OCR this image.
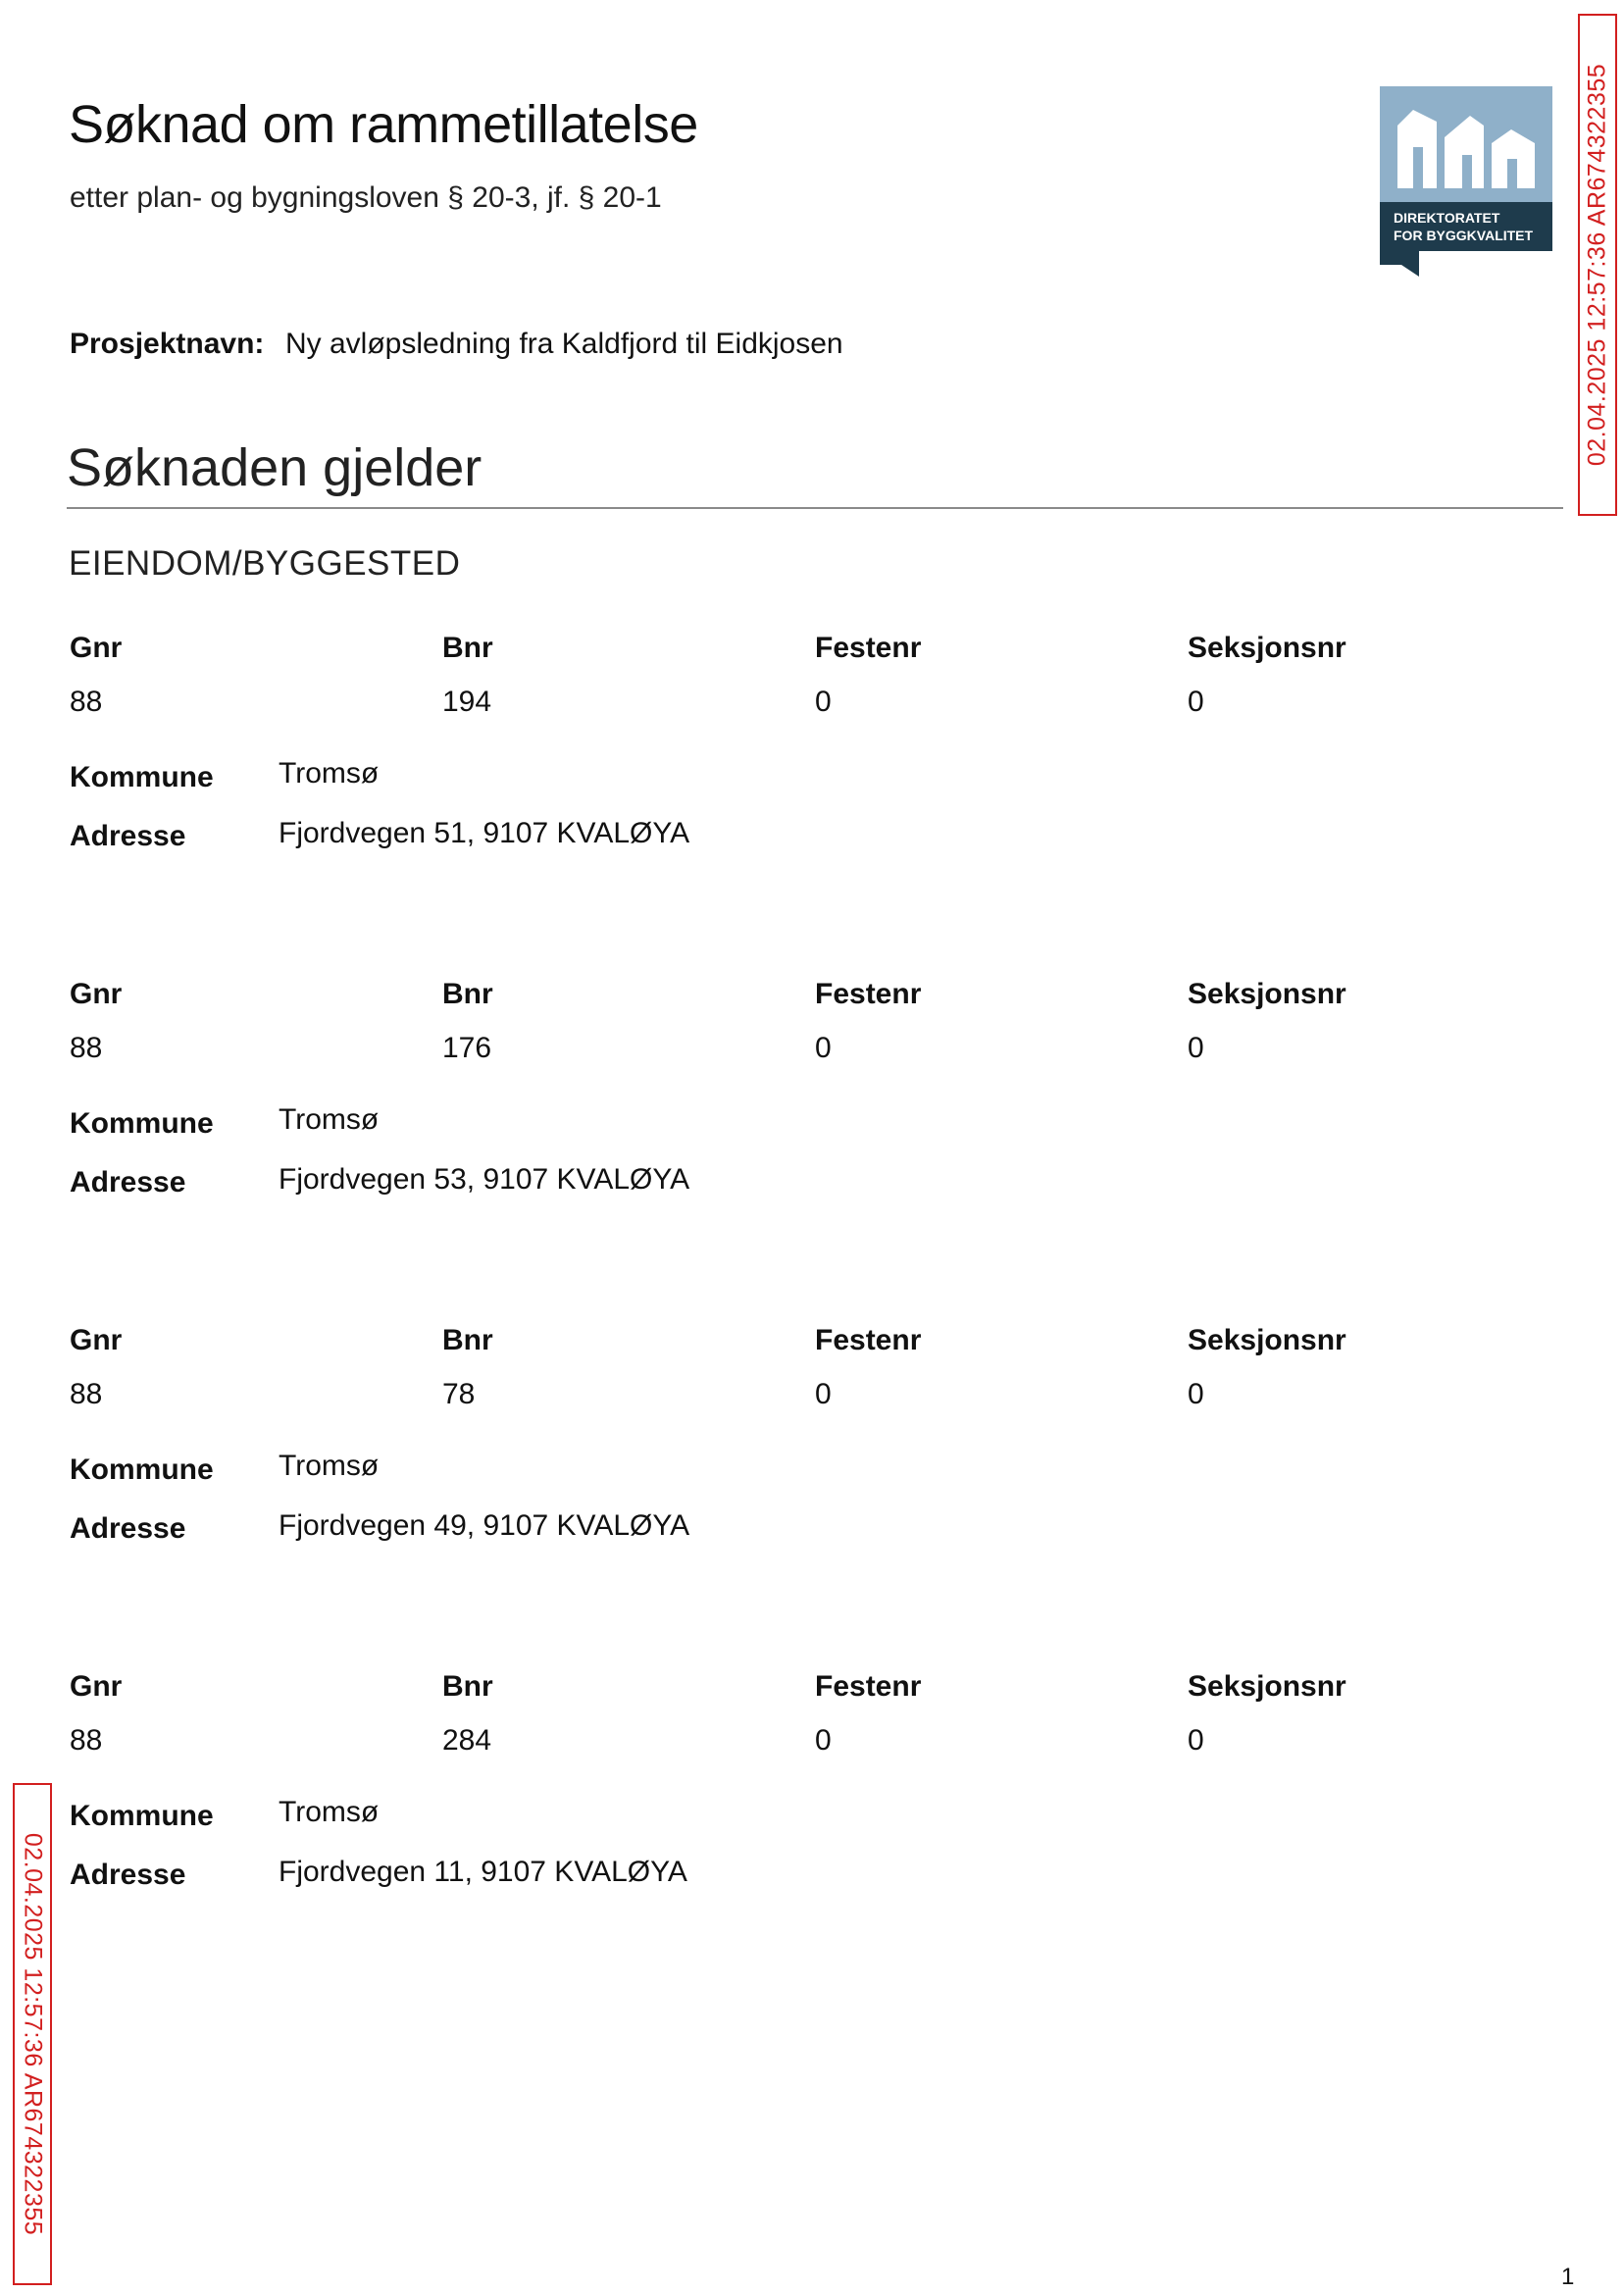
Søknad om rammetillatelse
etter plan- og bygningsloven § 20-3, jf. § 20-1
DIREKTORATET
FOR BYGGKVALITET 02.04.2025 12:57:36 AR674322355
02.04.2025 12:57:36 AR674322355
Prosjektnavn: Ny avløpsledning fra Kaldfjord til Eidkjosen
Søknaden gjelder
EIENDOM/BYGGESTED
Gnr	Bnr	Festenr	Seksjonsnr
88	194	0	0
Kommune Tromsø
Adresse	Fjordvegen 51, 9107 KVALØYA
Gnr	Bnr	Festenr	Seksjonsnr
88	176	0	0
Kommune Tromsø
Adresse	Fjordvegen 53, 9107 KVALØYA
Gnr	Bnr	Festenr	Seksjonsnr
88	78	0	0
Kommune Tromsø
Adresse	Fjordvegen 49, 9107 KVALØYA
Gnr	Bnr	Festenr	Seksjonsnr
88	284	0	0
Kommune Tromsø
Adresse	Fjordvegen 11, 9107 KVALØYA
1
